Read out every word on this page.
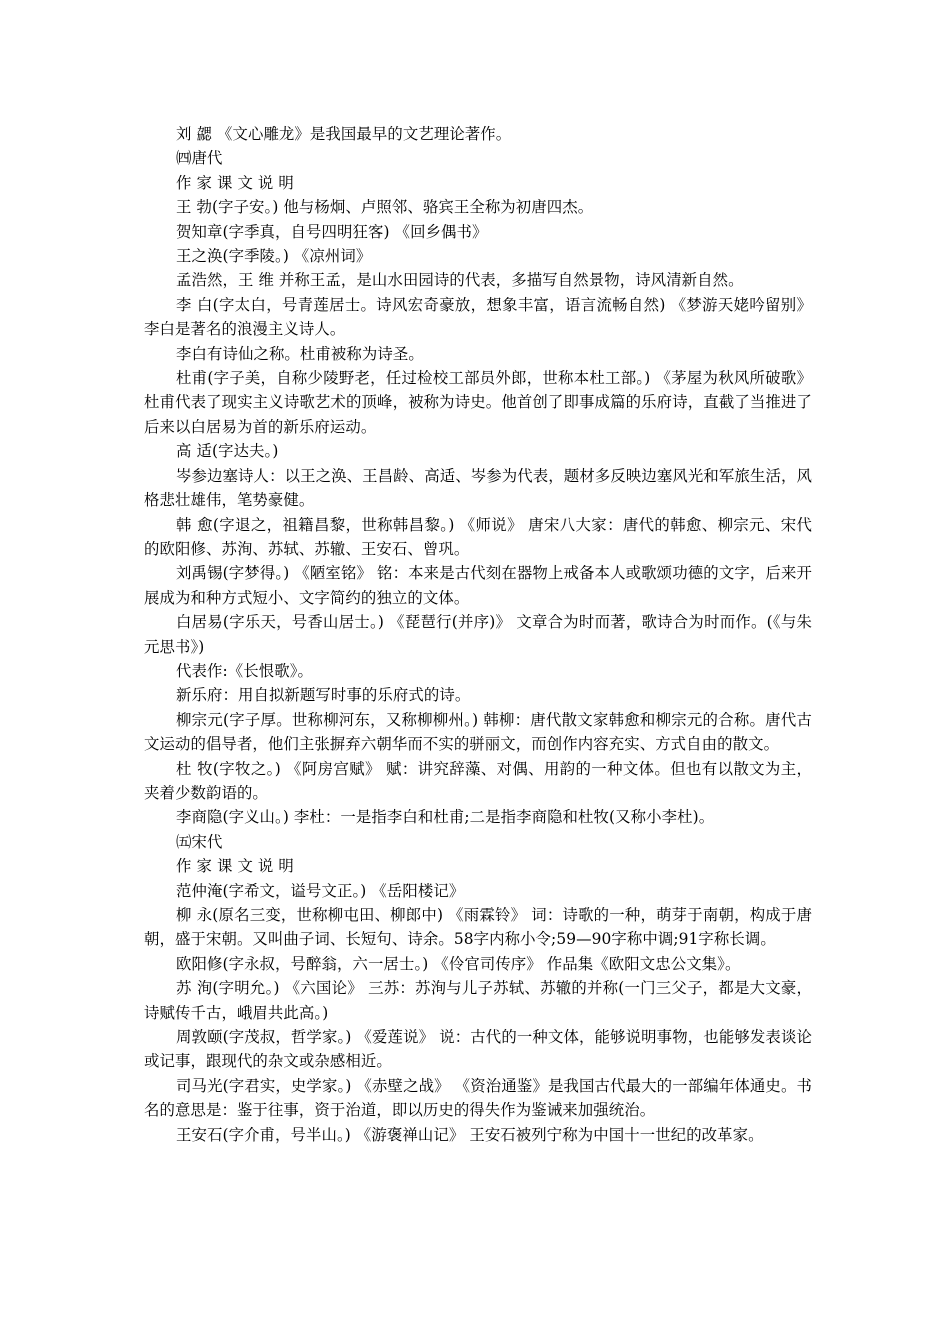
刘 勰 《文心雕龙》是我国最早的文艺理论著作。

㈣唐代

作 家 课 文 说 明

王 勃(字子安。) 他与杨炯、卢照邻、骆宾王全称为初唐四杰。

贺知章(字季真，自号四明狂客) 《回乡偶书》

王之涣(字季陵。) 《凉州词》

孟浩然，王 维 并称王孟，是山水田园诗的代表，多描写自然景物，诗风清新自然。

李 白(字太白，号青莲居士。诗风宏奇豪放，想象丰富，语言流畅自然) 《梦游天姥吟留别》 李白是著名的浪漫主义诗人。

李白有诗仙之称。杜甫被称为诗圣。

杜甫(字子美，自称少陵野老，任过检校工部员外郎，世称本杜工部。) 《茅屋为秋风所破歌》 杜甫代表了现实主义诗歌艺术的顶峰，被称为诗史。他首创了即事成篇的乐府诗，直截了当推进了后来以白居易为首的新乐府运动。

高 适(字达夫。)

岑参边塞诗人：以王之涣、王昌龄、高适、岑参为代表，题材多反映边塞风光和军旅生活，风格悲壮雄伟，笔势豪健。

韩 愈(字退之，祖籍昌黎，世称韩昌黎。) 《师说》 唐宋八大家：唐代的韩愈、柳宗元、宋代的欧阳修、苏洵、苏轼、苏辙、王安石、曾巩。

刘禹锡(字梦得。) 《陋室铭》 铭：本来是古代刻在器物上戒备本人或歌颂功德的文字，后来开展成为和种方式短小、文字简约的独立的文体。

白居易(字乐天，号香山居士。) 《琵琶行(并序)》 文章合为时而著，歌诗合为时而作。(《与朱元思书》)

代表作:《长恨歌》。

新乐府：用自拟新题写时事的乐府式的诗。

柳宗元(字子厚。世称柳河东，又称柳柳州。) 韩柳：唐代散文家韩愈和柳宗元的合称。唐代古文运动的倡导者，他们主张摒弃六朝华而不实的骈丽文，而创作内容充实、方式自由的散文。

杜 牧(字牧之。) 《阿房宫赋》 赋：讲究辞藻、对偶、用韵的一种文体。但也有以散文为主，夹着少数韵语的。

李商隐(字义山。) 李杜：一是指李白和杜甫;二是指李商隐和杜牧(又称小李杜)。

㈤宋代

作 家 课 文 说 明

范仲淹(字希文，谥号文正。) 《岳阳楼记》

柳 永(原名三变，世称柳屯田、柳郎中) 《雨霖铃》 词：诗歌的一种，萌芽于南朝，构成于唐朝，盛于宋朝。又叫曲子词、长短句、诗余。58字内称小令;59—90字称中调;91字称长调。

欧阳修(字永叔，号醉翁，六一居士。) 《伶官司传序》 作品集《欧阳文忠公文集》。

苏 洵(字明允。) 《六国论》 三苏：苏洵与儿子苏轼、苏辙的并称(一门三父子，都是大文豪，诗赋传千古，峨眉共此高。)

周敦颐(字茂叔，哲学家。) 《爱莲说》 说：古代的一种文体，能够说明事物，也能够发表谈论或记事，跟现代的杂文或杂感相近。

司马光(字君实，史学家。) 《赤壁之战》 《资治通鉴》是我国古代最大的一部编年体通史。书名的意思是：鉴于往事，资于治道，即以历史的得失作为鉴诫来加强统治。

王安石(字介甫，号半山。) 《游褒禅山记》 王安石被列宁称为中国十一世纪的改革家。
